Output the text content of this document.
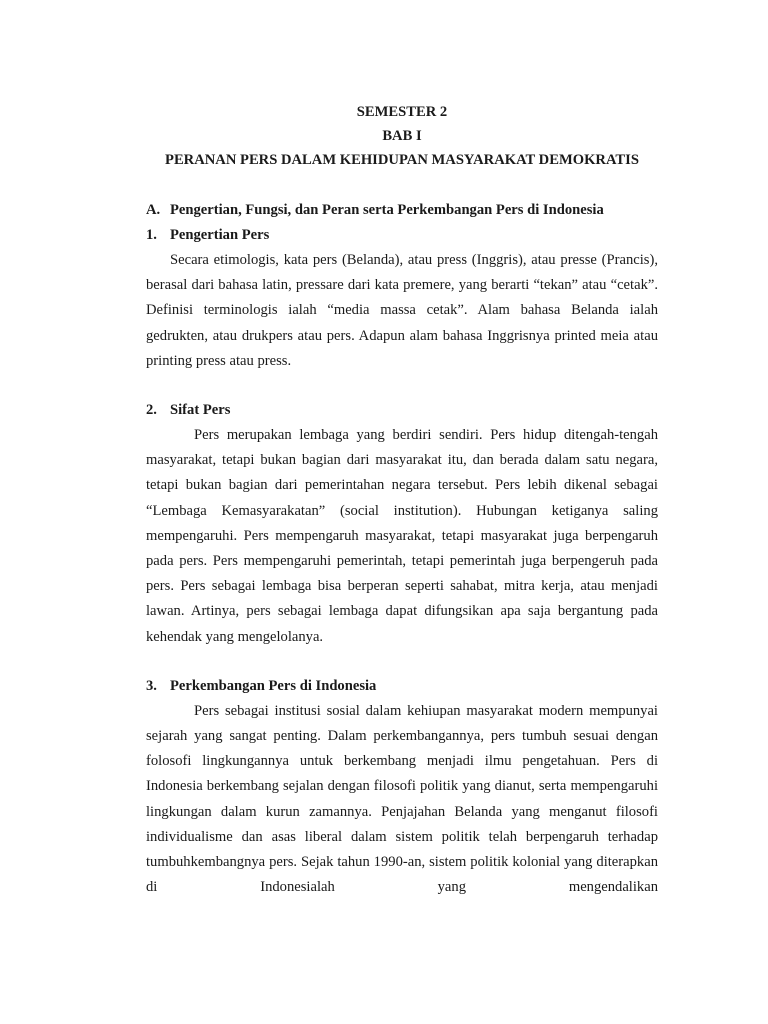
SEMESTER 2
BAB I
PERANAN PERS DALAM KEHIDUPAN MASYARAKAT DEMOKRATIS
A. Pengertian, Fungsi, dan Peran serta Perkembangan Pers di Indonesia
1. Pengertian Pers

Secara etimologis, kata pers (Belanda), atau press (Inggris), atau presse (Prancis), berasal dari bahasa latin, pressare dari kata premere, yang berarti “tekan” atau “cetak”. Definisi terminologis ialah “media massa cetak”. Alam bahasa Belanda ialah gedrukten, atau drukpers atau pers. Adapun alam bahasa Inggrisnya printed meia atau printing press atau press.

2. Sifat Pers

Pers merupakan lembaga yang berdiri sendiri. Pers hidup ditengah-tengah masyarakat, tetapi bukan bagian dari masyarakat itu, dan berada dalam satu negara, tetapi bukan bagian dari pemerintahan negara tersebut. Pers lebih dikenal sebagai “Lembaga Kemasyarakatan” (social institution). Hubungan ketiganya saling mempengaruhi. Pers mempengaruh masyarakat, tetapi masyarakat juga berpengaruh pada pers. Pers mempengaruhi pemerintah, tetapi pemerintah juga berpengeruh pada pers. Pers sebagai lembaga bisa berperan seperti sahabat, mitra kerja, atau menjadi lawan. Artinya, pers sebagai lembaga dapat difungsikan apa saja bergantung pada kehendak yang mengelolanya.

3. Perkembangan Pers di Indonesia

Pers sebagai institusi sosial dalam kehiupan masyarakat modern mempunyai sejarah yang sangat penting. Dalam perkembangannya, pers tumbuh sesuai dengan folosofi lingkungannya untuk berkembang menjadi ilmu pengetahuan. Pers di Indonesia berkembang sejalan dengan filosofi politik yang dianut, serta mempengaruhi lingkungan dalam kurun zamannya. Penjajahan Belanda yang menganut filosofi individualisme dan asas liberal dalam sistem politik telah berpengaruh terhadap tumbuhkembangnya pers. Sejak tahun 1990-an, sistem politik kolonial yang diterapkan di Indonesialah yang mengendalikan
